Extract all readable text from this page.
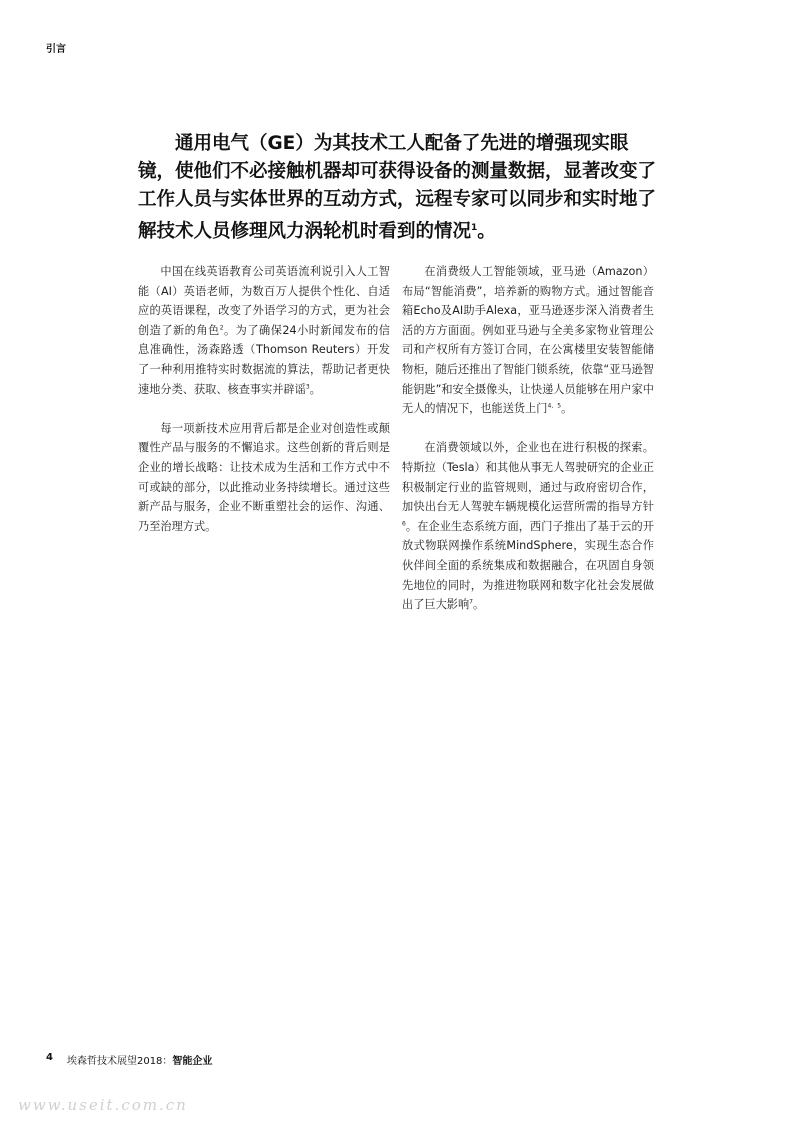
引言

通用电气（GE）为其技术工人配备了先进的增强现实眼镜，使他们不必接触机器却可获得设备的测量数据，显著改变了工作人员与实体世界的互动方式，远程专家可以同步和实时地了解技术人员修理风力涡轮机时看到的情况$^1$。

中国在线英语教育公司英语流利说引入人工智能（AI）英语老师，为数百万人提供个性化、自适应的英语课程，改变了外语学习的方式，更为社会创造了新的角色$^2$。为了确保24小时新闻发布的信息准确性，汤森路透（Thomson Reuters）开发了一种利用推特实时数据流的算法，帮助记者更快速地分类、获取、核查事实并辟谣$^3$。

每一项新技术应用背后都是企业对创造性或颠覆性产品与服务的不懈追求。这些创新的背后则是企业的增长战略：让技术成为生活和工作方式中不可或缺的部分，以此推动业务持续增长。通过这些新产品与服务，企业不断重塑社会的运作、沟通、乃至治理方式。

在消费级人工智能领域，亚马逊（Amazon）布局“智能消费”，培养新的购物方式。通过智能音箱Echo及AI助手Alexa，亚马逊逐步深入消费者生活的方方面面。例如亚马逊与全美多家物业管理公司和产权所有方签订合同，在公寓楼里安装智能储物柜，随后还推出了智能门锁系统，依靠“亚马逊智能钥匙”和安全摄像头，让快递人员能够在用户家中无人的情况下，也能送货上门$^{4、5}$。

在消费领域以外，企业也在进行积极的探索。特斯拉（Tesla）和其他从事无人驾驶研究的企业正积极制定行业的监管规则，通过与政府密切合作，加快出台无人驾驶车辆规模化运营所需的指导方针$^6$。在企业生态系统方面，西门子推出了基于云的开放式物联网操作系统MindSphere，实现生态合作伙伴间全面的系统集成和数据融合，在巩固自身领先地位的同时，为推进物联网和数字化社会发展做出了巨大影响$^7$。

4 埃森哲技术展望2018：智能企业
www.useit.com.cn
